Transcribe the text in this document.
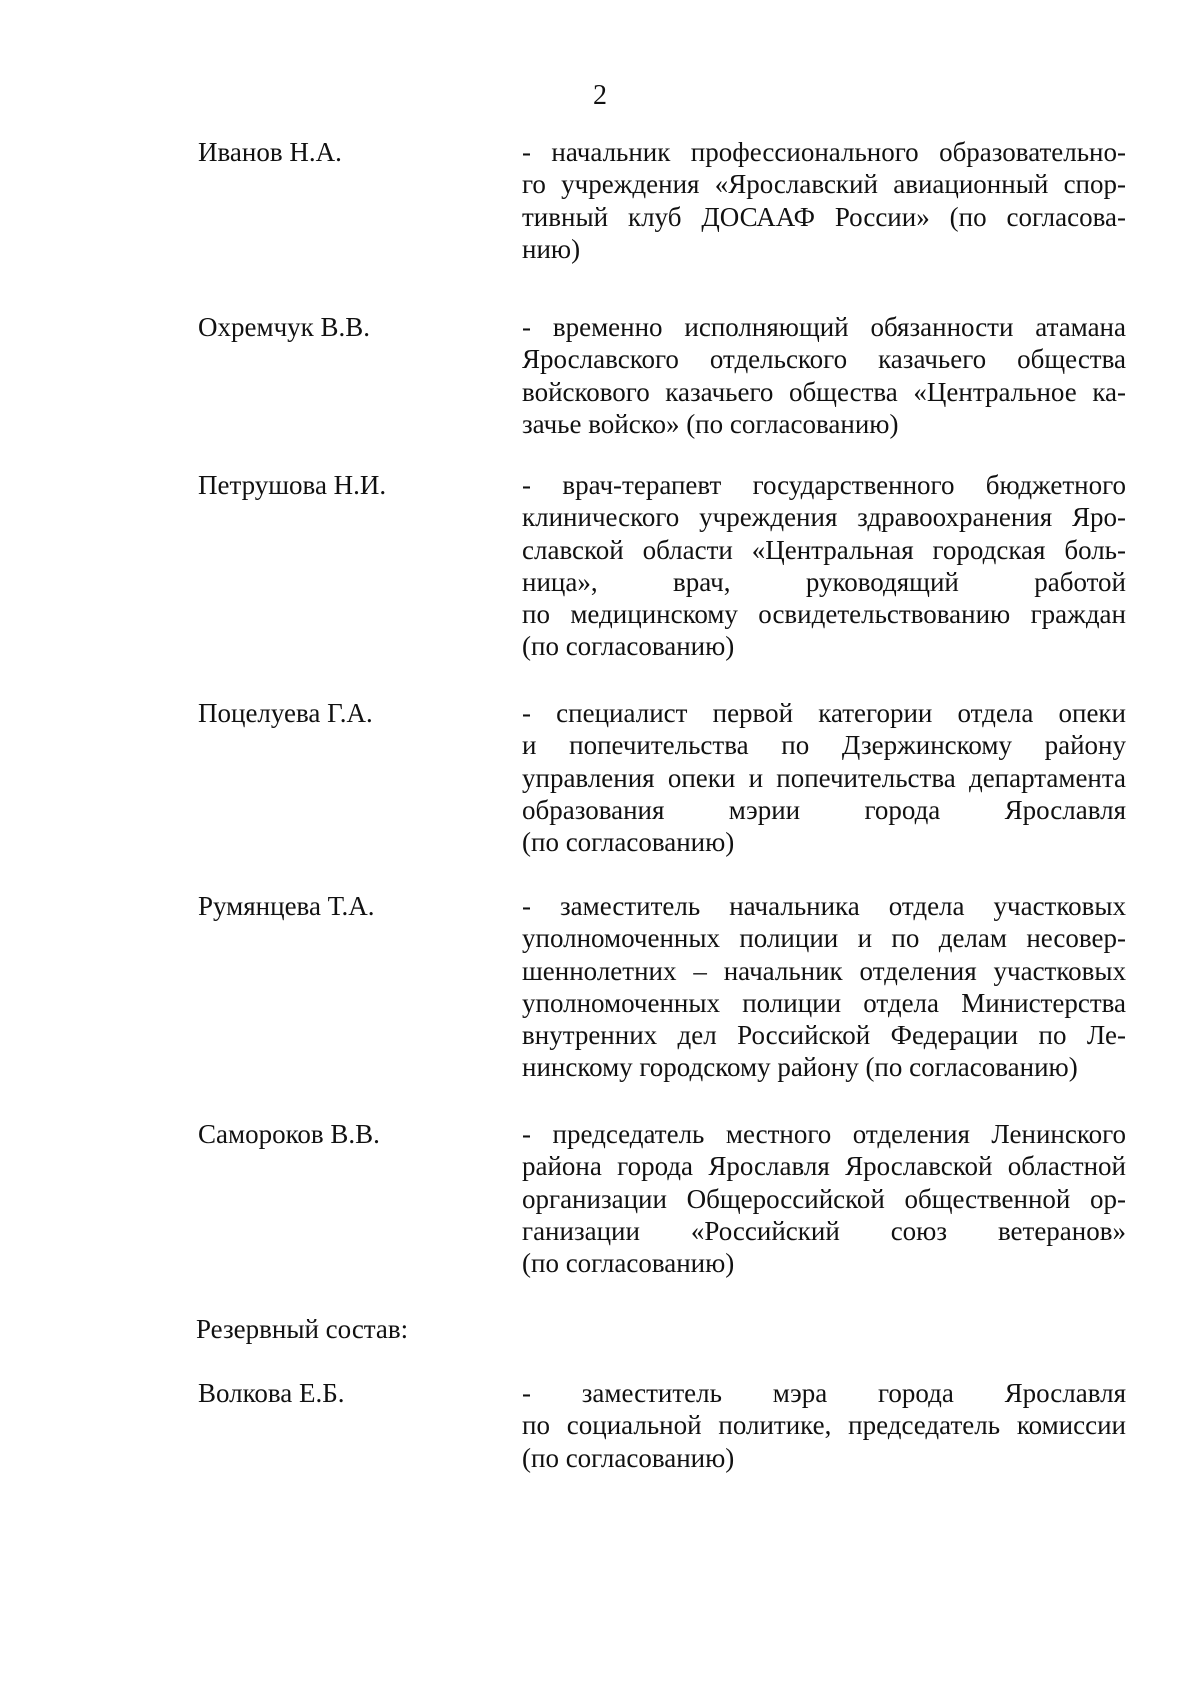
2
Иванов Н.А.	- начальник профессионального образовательно-
го учреждения «Ярославский авиационный спор-
тивный клуб ДОСААФ России» (по согласова-
нию)
Охремчук В.В.	- временно исполняющий обязанности атамана
Ярославского отдельского казачьего общества
войскового казачьего общества «Центральное ка-
зачье войско» (по согласованию)
Петрушова Н.И.	- врач-терапевт государственного бюджетного
клинического учреждения здравоохранения Яро-
славской области «Центральная городская боль-
ница», врач, руководящий работой
по медицинскому освидетельствованию граждан
(по согласованию)
Поцелуева Г.А.	- специалист первой категории отдела опеки
и попечительства по Дзержинскому району
управления опеки и попечительства департамента
образования мэрии города Ярославля
(по согласованию)
Румянцева Т.А.	- заместитель начальника отдела участковых
уполномоченных полиции и по делам несовер-
шеннолетних – начальник отделения участковых
уполномоченных полиции отдела Министерства
внутренних дел Российской Федерации по Ле-
нинскому городскому району (по согласованию)
Самороков В.В.	- председатель местного отделения Ленинского
района города Ярославля Ярославской областной
организации Общероссийской общественной ор-
ганизации «Российский союз ветеранов»
(по согласованию)
Резервный состав:
Волкова Е.Б.	- заместитель мэра города Ярославля
по социальной политике, председатель комиссии
(по согласованию)
